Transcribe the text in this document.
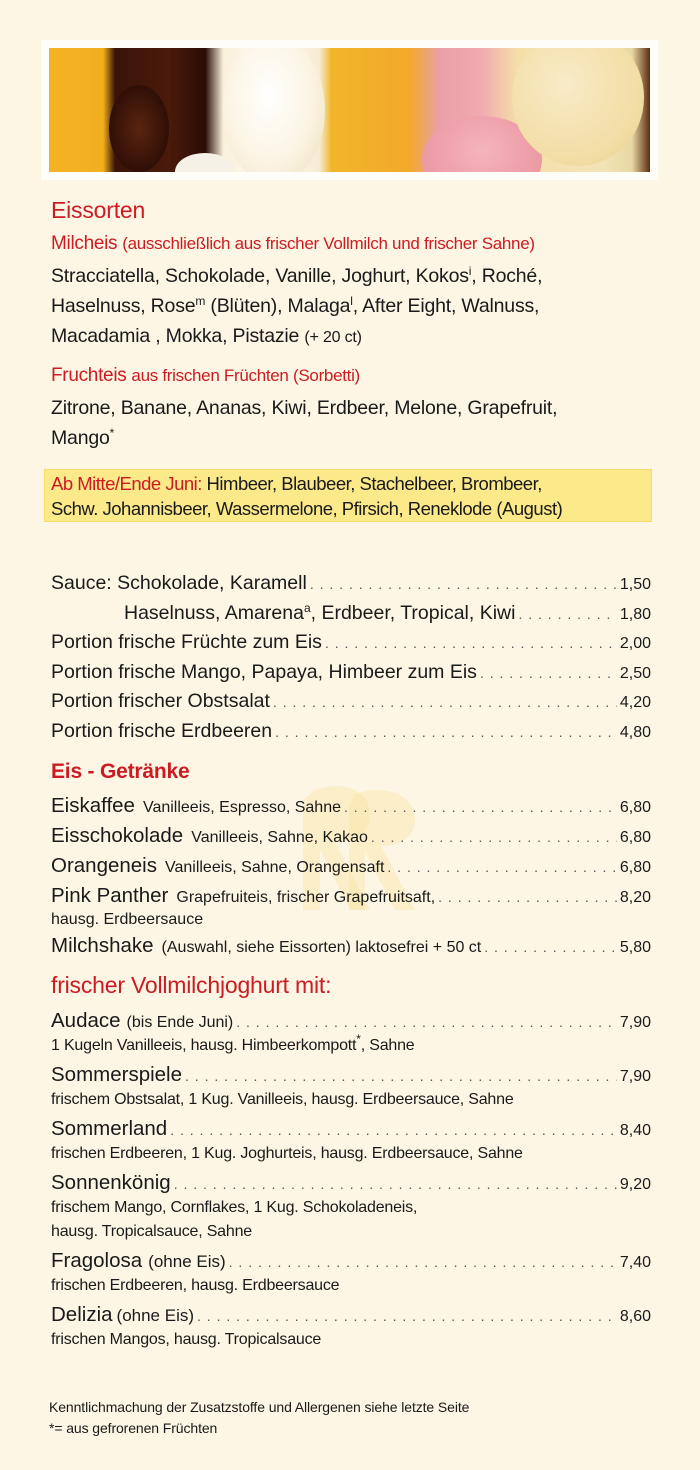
Eissorten
Milcheis (ausschließlich aus frischer Vollmilch und frischer Sahne)
Stracciatella, Schokolade, Vanille, Joghurt, Kokos$^i$, Roché,
Haselnuss, Rose$^m$ (Blüten), Malaga$^l$, After Eight, Walnuss,
Macadamia , Mokka, Pistazie (+ 20 ct)
Fruchteis aus frischen Früchten (Sorbetti)
Zitrone, Banane, Ananas, Kiwi, Erdbeer, Melone, Grapefruit,
Mango*
Ab Mitte/Ende Juni: Himbeer, Blaubeer, Stachelbeer, Brombeer,
Schw. Johannisbeer, Wassermelone, Pfirsich, Reneklode (August)
Sauce: Schokolade, Karamell . . .	1,50
Haselnuss, Amarena$^a$, Erdbeer, Tropical, Kiwi . . .	1,80
Portion frische Früchte zum Eis . . .	2,00
Portion frische Mango, Papaya, Himbeer zum Eis . . .	2,50
Portion frischer Obstsalat . . .	4,20
Portion frische Erdbeeren . . .	4,80
Eis - Getränke
Eiskaffee Vanilleeis, Espresso, Sahne . . .	6,80
Eisschokolade Vanilleeis, Sahne, Kakao . . .	6,80
Orangeneis Vanilleeis, Sahne, Orangensaft . . .	6,80
Pink Panther Grapefruiteis, frischer Grapefruitsaft, . . .	8,20
hausg. Erdbeersauce
Milchshake (Auswahl, siehe Eissorten) laktosefrei + 50 ct . . .	5,80
frischer Vollmilchjoghurt mit:
Audace (bis Ende Juni) . . .	7,90
1 Kugeln Vanilleeis, hausg. Himbeerkompott*, Sahne
Sommerspiele . . .	7,90
frischem Obstsalat, 1 Kug. Vanilleeis, hausg. Erdbeersauce, Sahne
Sommerland . . .	8,40
frischen Erdbeeren, 1 Kug. Joghurteis, hausg. Erdbeersauce, Sahne
Sonnenkönig . . .	9,20
frischem Mango, Cornflakes, 1 Kug. Schokoladeneis,
hausg. Tropicalsauce, Sahne
Fragolosa (ohne Eis) . . .	7,40
frischen Erdbeeren, hausg. Erdbeersauce
Delizia (ohne Eis) . . .	8,60
frischen Mangos, hausg. Tropicalsauce
Kenntlichmachung der Zusatzstoffe und Allergenen siehe letzte Seite
*= aus gefrorenen Früchten
